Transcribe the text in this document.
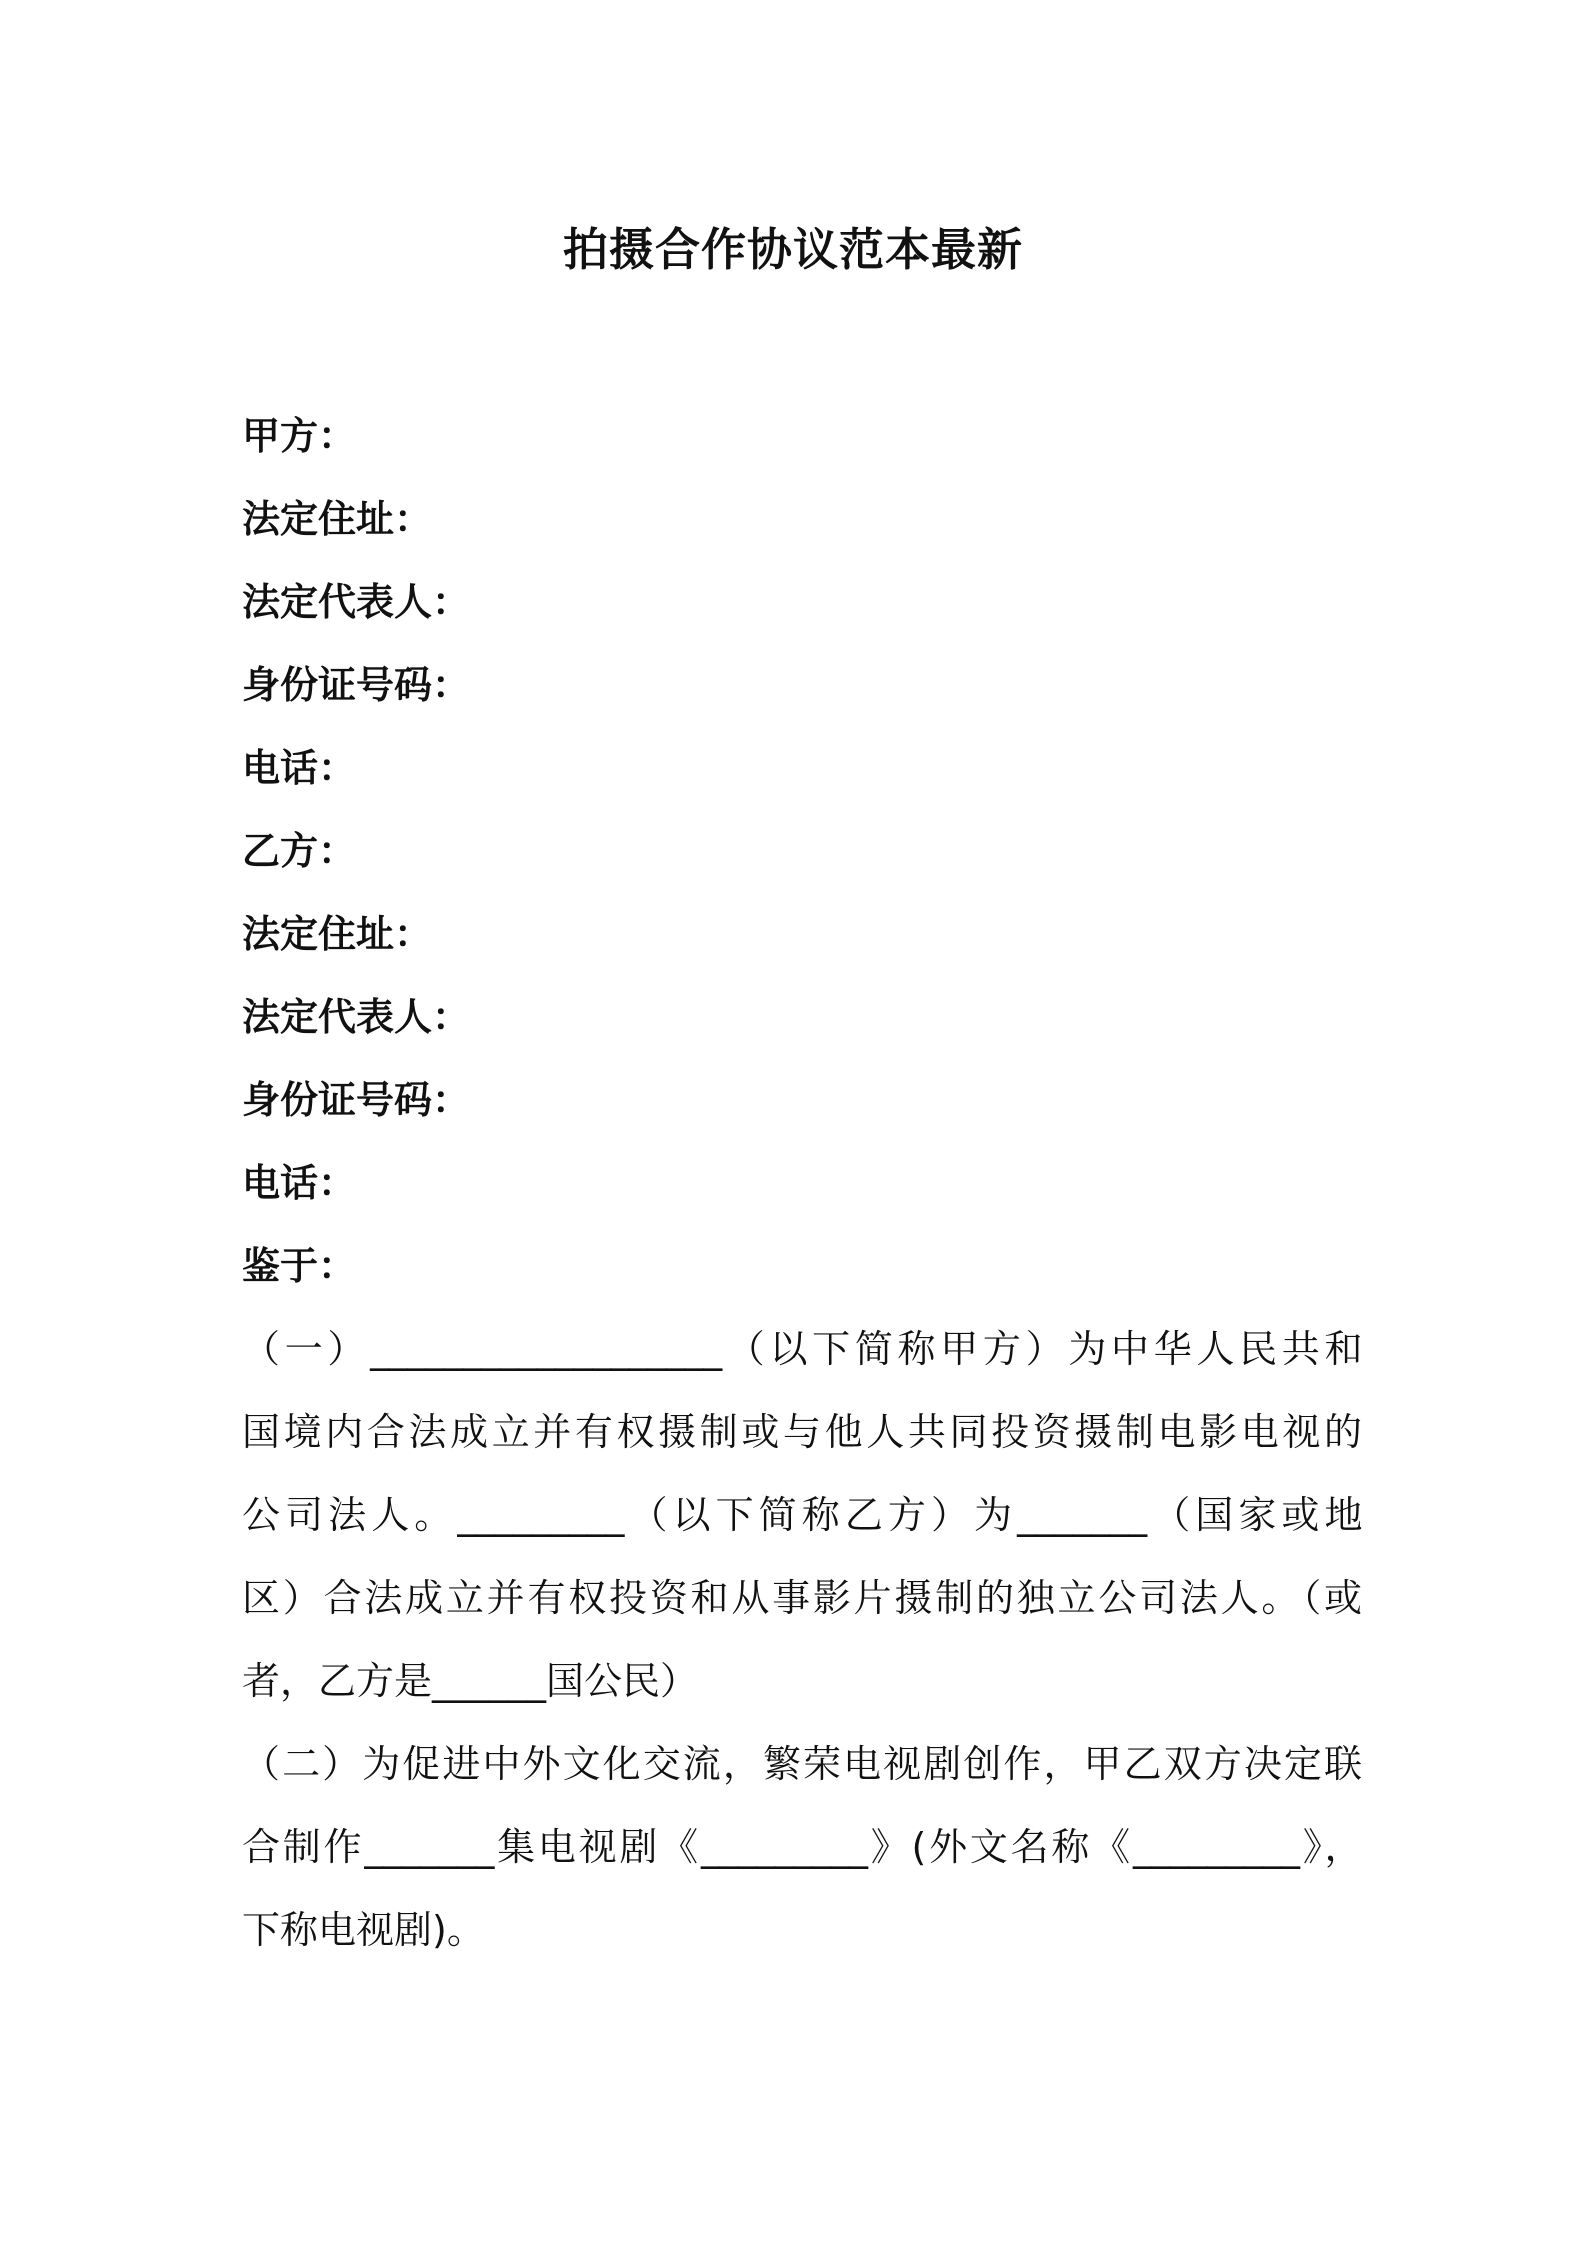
拍摄合作协议范本最新

甲方：

法定住址：

法定代表人：

身份证号码：

电话：

乙方：

法定住址：

法定代表人：

身份证号码：

电话：

鉴于：

（一）___________________（以下简称甲方）为中华人民共和

国境内合法成立并有权摄制或与他人共同投资摄制电影电视的

公司法人。_________（以下简称乙方）为_______（国家或地

区）合法成立并有权投资和从事影片摄制的独立公司法人。（或

者，乙方是______国公民）

（二）为促进中外文化交流，繁荣电视剧创作，甲乙双方决定联

合制作_______集电视剧《_________》(外文名称《_________》，

下称电视剧)。
